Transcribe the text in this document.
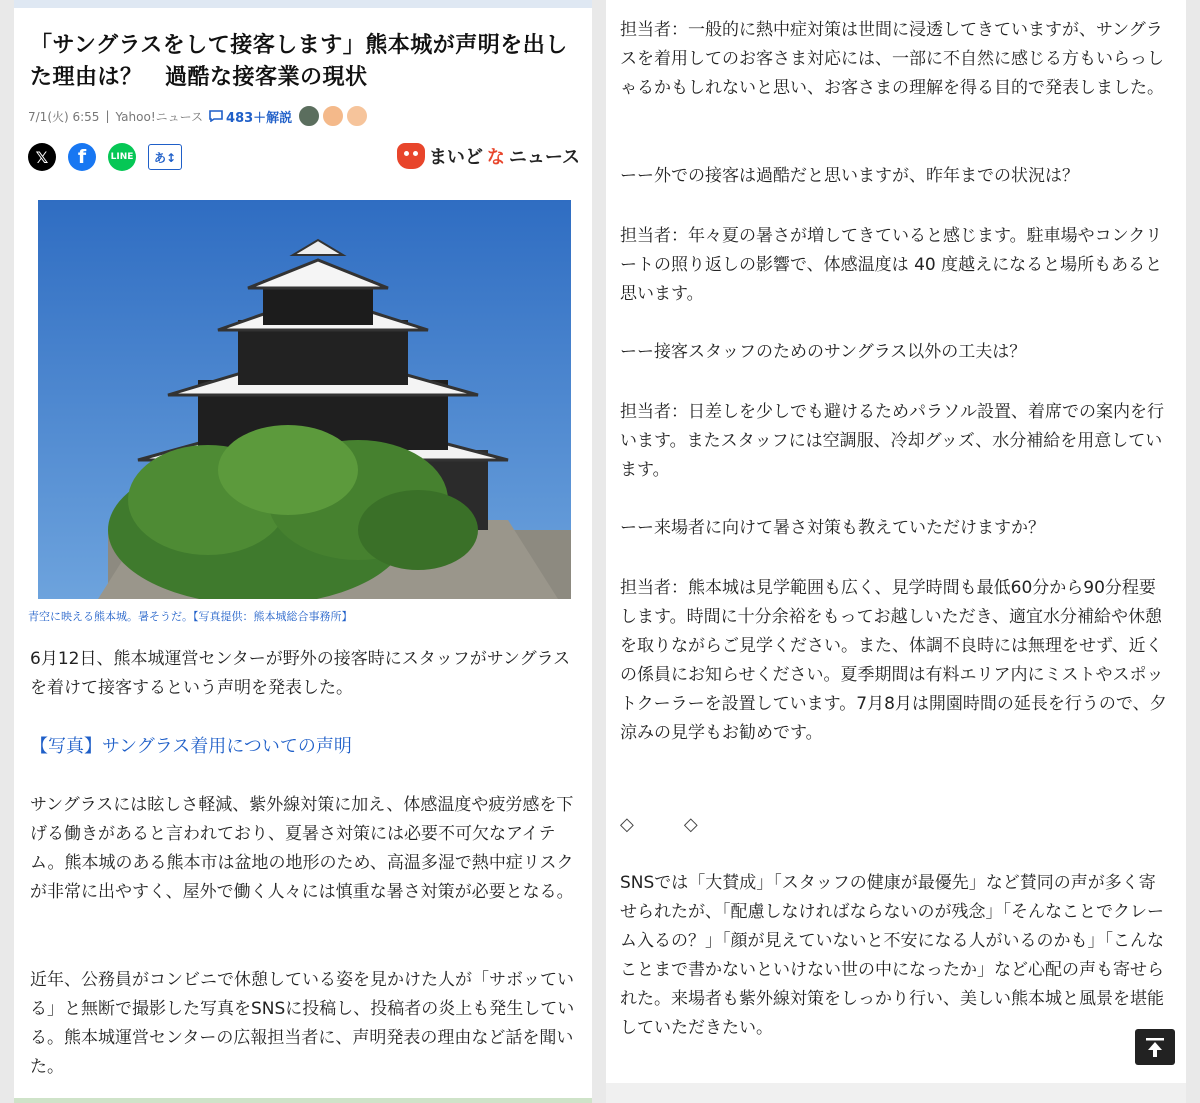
「サングラスをして接客します」熊本城が声明を出した理由は？　過酷な接客業の現状
7/1(火) 6:55 | Yahoo!ニュース 483＋解説
𝕏	f	LINE	あ↕	まいど な ニュース
青空に映える熊本城。暑そうだ。【写真提供：熊本城総合事務所】
6月12日、熊本城運営センターが野外の接客時にスタッフがサングラスを着けて接客するという声明を発表した。
【写真】サングラス着用についての声明
サングラスには眩しさ軽減、紫外線対策に加え、体感温度や疲労感を下げる働きがあると言われており、夏暑さ対策には必要不可欠なアイテム。熊本城のある熊本市は盆地の地形のため、高温多湿で熱中症リスクが非常に出やすく、屋外で働く人々には慎重な暑さ対策が必要となる。
近年、公務員がコンビニで休憩している姿を見かけた人が「サボッている」と無断で撮影した写真をSNSに投稿し、投稿者の炎上も発生している。熊本城運営センターの広報担当者に、声明発表の理由など話を聞いた。
担当者：一般的に熱中症対策は世間に浸透してきていますが、サングラスを着用してのお客さま対応には、一部に不自然に感じる方もいらっしゃるかもしれないと思い、お客さまの理解を得る目的で発表しました。
ーー外での接客は過酷だと思いますが、昨年までの状況は？
担当者：年々夏の暑さが増してきていると感じます。駐車場やコンクリートの照り返しの影響で、体感温度は 40 度越えになると場所もあると思います。
ーー接客スタッフのためのサングラス以外の工夫は？
担当者：日差しを少しでも避けるためパラソル設置、着席での案内を行います。またスタッフには空調服、冷却グッズ、水分補給を用意しています。
ーー来場者に向けて暑さ対策も教えていただけますか？
担当者：熊本城は見学範囲も広く、見学時間も最低60分から90分程要します。時間に十分余裕をもってお越しいただき、適宜水分補給や休憩を取りながらご見学ください。また、体調不良時には無理をせず、近くの係員にお知らせください。夏季期間は有料エリア内にミストやスポットクーラーを設置しています。7月8月は開園時間の延長を行うので、夕涼みの見学もお勧めです。
◇　◇
SNSでは「大賛成」「スタッフの健康が最優先」など賛同の声が多く寄せられたが、「配慮しなければならないのが残念」「そんなことでクレーム入るの？」「顔が見えていないと不安になる人がいるのかも」「こんなことまで書かないといけない世の中になったか」など心配の声も寄せられた。来場者も紫外線対策をしっかり行い、美しい熊本城と風景を堪能していただきたい。
